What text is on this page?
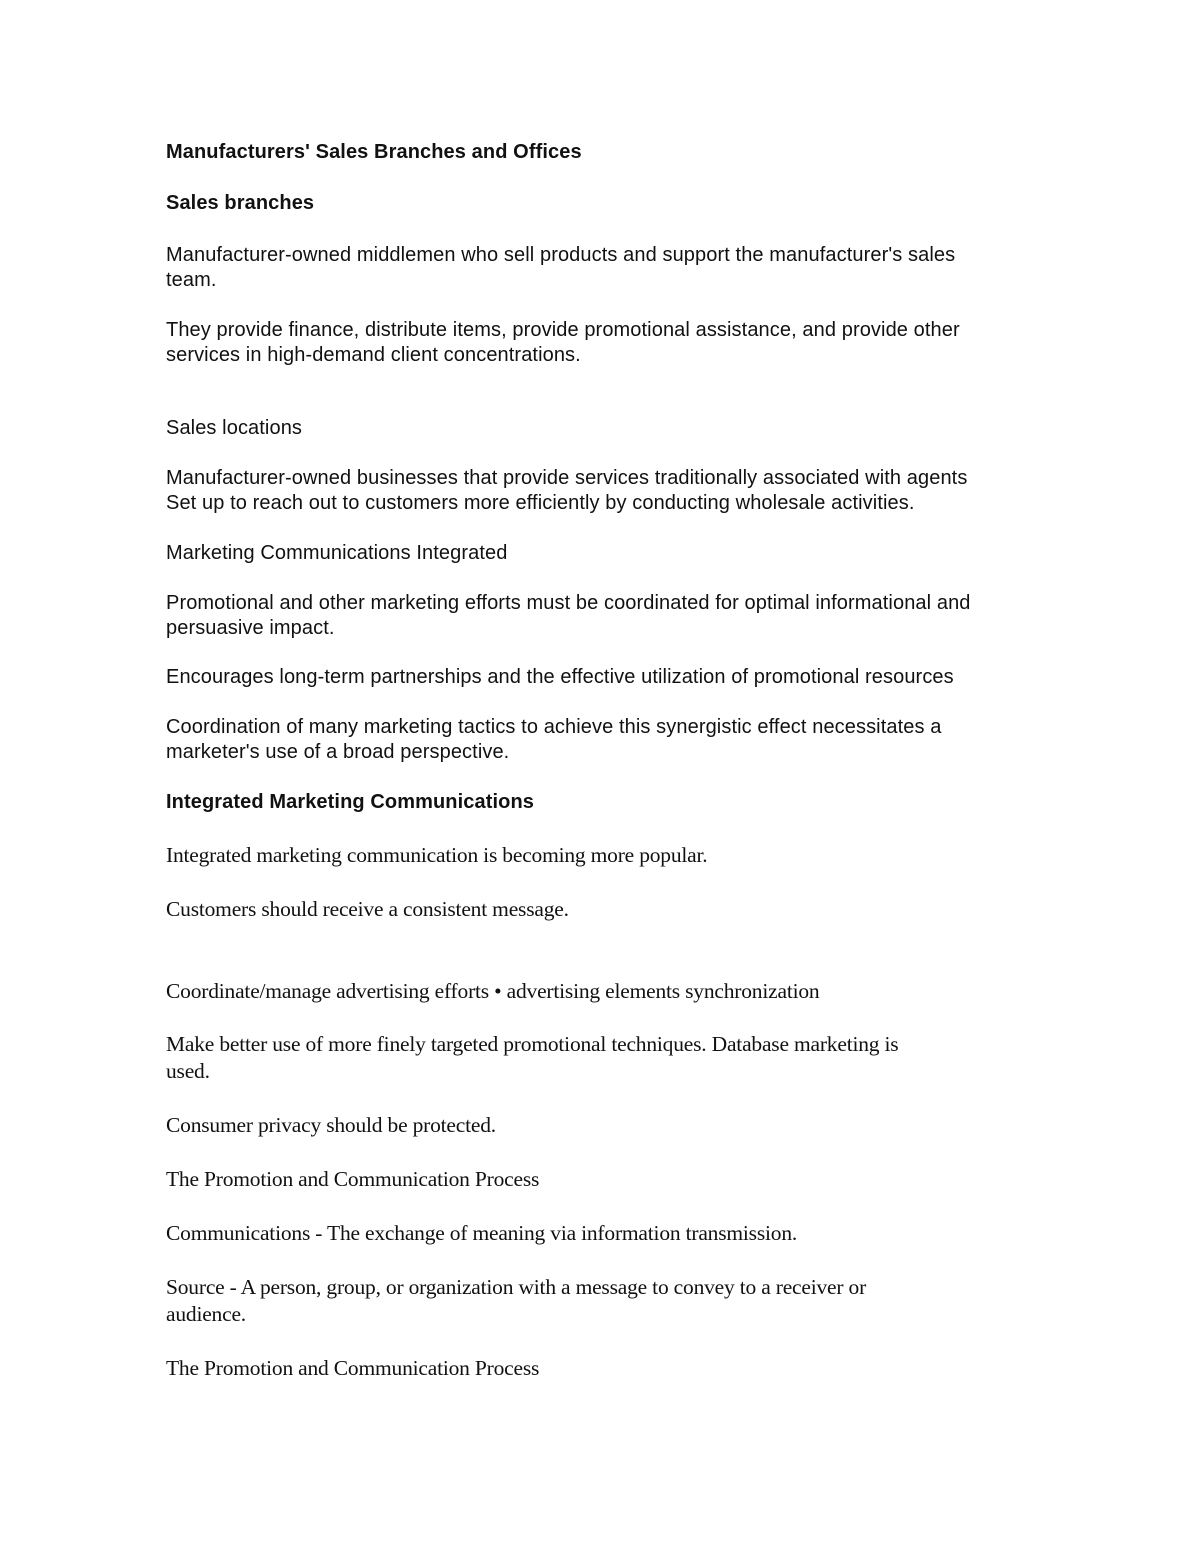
Manufacturers' Sales Branches and Offices

Sales branches

Manufacturer-owned middlemen who sell products and support the manufacturer's sales

team.

They provide finance, distribute items, provide promotional assistance, and provide other

services in high-demand client concentrations.

Sales locations

Manufacturer-owned businesses that provide services traditionally associated with agents

Set up to reach out to customers more efficiently by conducting wholesale activities.

Marketing Communications Integrated

Promotional and other marketing efforts must be coordinated for optimal informational and

persuasive impact.

Encourages long-term partnerships and the effective utilization of promotional resources

Coordination of many marketing tactics to achieve this synergistic effect necessitates a

marketer's use of a broad perspective.

Integrated Marketing Communications

Integrated marketing communication is becoming more popular.

Customers should receive a consistent message.

Coordinate/manage advertising efforts • advertising elements synchronization

Make better use of more finely targeted promotional techniques. Database marketing is

used.

Consumer privacy should be protected.

The Promotion and Communication Process

Communications - The exchange of meaning via information transmission.

Source - A person, group, or organization with a message to convey to a receiver or

audience.

The Promotion and Communication Process
